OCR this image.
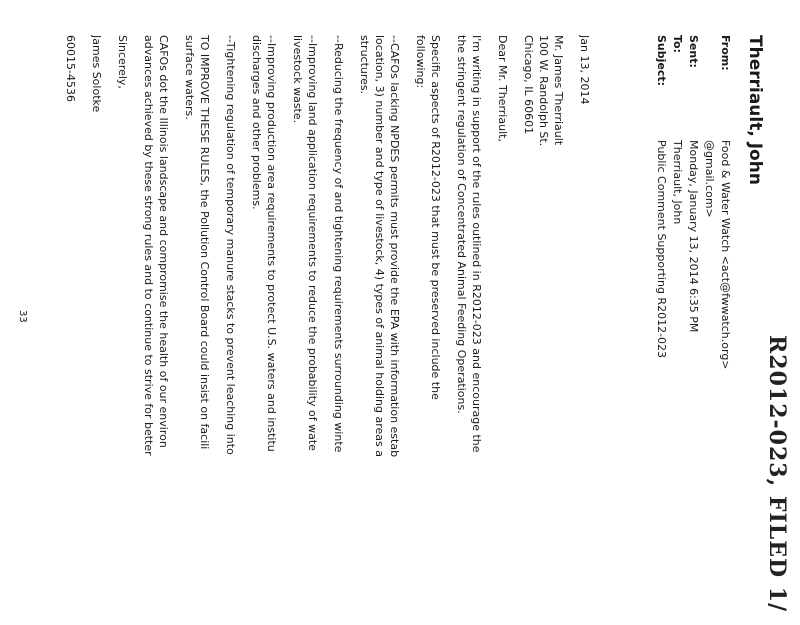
R2012-023, FILED 1/
Therriault, John
From:
Food & Water Watch <act@fwwatch.org>
@gmail.com>
Sent:
Monday, January 13, 2014 6:35 PM
To:
Therriault, John
Subject:
Public Comment Supporting R2012-023

Jan 13, 2014

Mr. James Therriault
100 W. Randolph St.
Chicago, IL 60601

Dear Mr. Therriault,

I'm writing in support of the rules outlined in R2012-023 and encourage the
the stringent regulation of Concentrated Animal Feeding Operations.

Specific aspects of R2012-023 that must be preserved include the
following:

--CAFOs lacking NPDES permits must provide the EPA with information estab
location, 3) number and type of livestock, 4) types of animal holding areas a
structures.

--Reducing the frequency of and tightening requirements surrounding winte

--Improving land application requirements to reduce the probability of wate
livestock waste.

--Improving production area requirements to protect U.S. waters and institu
discharges and other problems.

--Tightening regulation of temporary manure stacks to prevent leaching into

TO IMPROVE THESE RULES, the Pollution Control Board could insist on facili
surface waters.

CAFOs dot the Illinois landscape and compromise the health of our environ
advances achieved by these strong rules and to continue to strive for better

Sincerely,

James Solotke

60015-4536

33
